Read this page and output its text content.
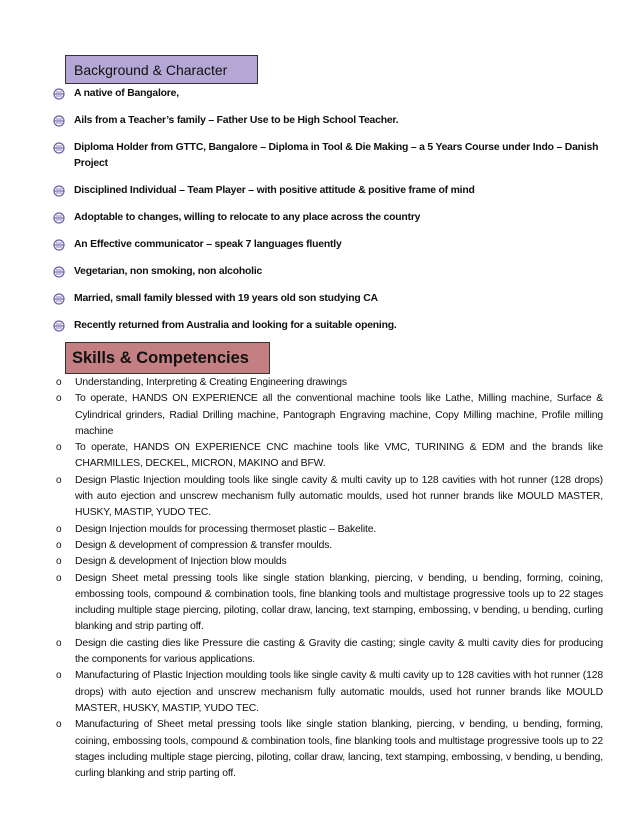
Background & Character
A native of Bangalore,
Ails from a Teacher’s family – Father Use to be High School Teacher.
Diploma Holder from GTTC, Bangalore – Diploma in Tool & Die Making – a 5 Years Course under Indo – Danish Project
Disciplined Individual – Team Player – with positive attitude & positive frame of mind
Adoptable to changes, willing to relocate to any place across the country
An Effective communicator – speak 7 languages fluently
Vegetarian, non smoking, non alcoholic
Married, small family blessed with 19 years old son studying CA
Recently returned from Australia and looking for a suitable opening.
Skills & Competencies
o Understanding, Interpreting & Creating Engineering drawings
o To operate, HANDS ON EXPERIENCE all the conventional machine tools like Lathe, Milling machine, Surface & Cylindrical grinders, Radial Drilling machine, Pantograph Engraving machine, Copy Milling machine, Profile milling machine
o To operate, HANDS ON EXPERIENCE CNC machine tools like VMC, TURINING & EDM and the brands like CHARMILLES, DECKEL, MICRON, MAKINO and BFW.
o Design Plastic Injection moulding tools like single cavity & multi cavity up to 128 cavities with hot runner (128 drops) with auto ejection and unscrew mechanism fully automatic moulds, used hot runner brands like MOULD MASTER, HUSKY, MASTIP, YUDO TEC.
o Design Injection moulds for processing thermoset plastic – Bakelite.
o Design & development of compression & transfer moulds.
o Design & development of Injection blow moulds
o Design Sheet metal pressing tools like single station blanking, piercing, v bending, u bending, forming, coining, embossing tools, compound & combination tools, fine blanking tools and multistage progressive tools up to 22 stages including multiple stage piercing, piloting, collar draw, lancing, text stamping, embossing, v bending, u bending, curling blanking and strip parting off.
o Design die casting dies like Pressure die casting & Gravity die casting; single cavity & multi cavity dies for producing the components for various applications.
o Manufacturing of Plastic Injection moulding tools like single cavity & multi cavity up to 128 cavities with hot runner (128 drops) with auto ejection and unscrew mechanism fully automatic moulds, used hot runner brands like MOULD MASTER, HUSKY, MASTIP, YUDO TEC.
o Manufacturing of Sheet metal pressing tools like single station blanking, piercing, v bending, u bending, forming, coining, embossing tools, compound & combination tools, fine blanking tools and multistage progressive tools up to 22 stages including multiple stage piercing, piloting, collar draw, lancing, text stamping, embossing, v bending, u bending, curling blanking and strip parting off.
